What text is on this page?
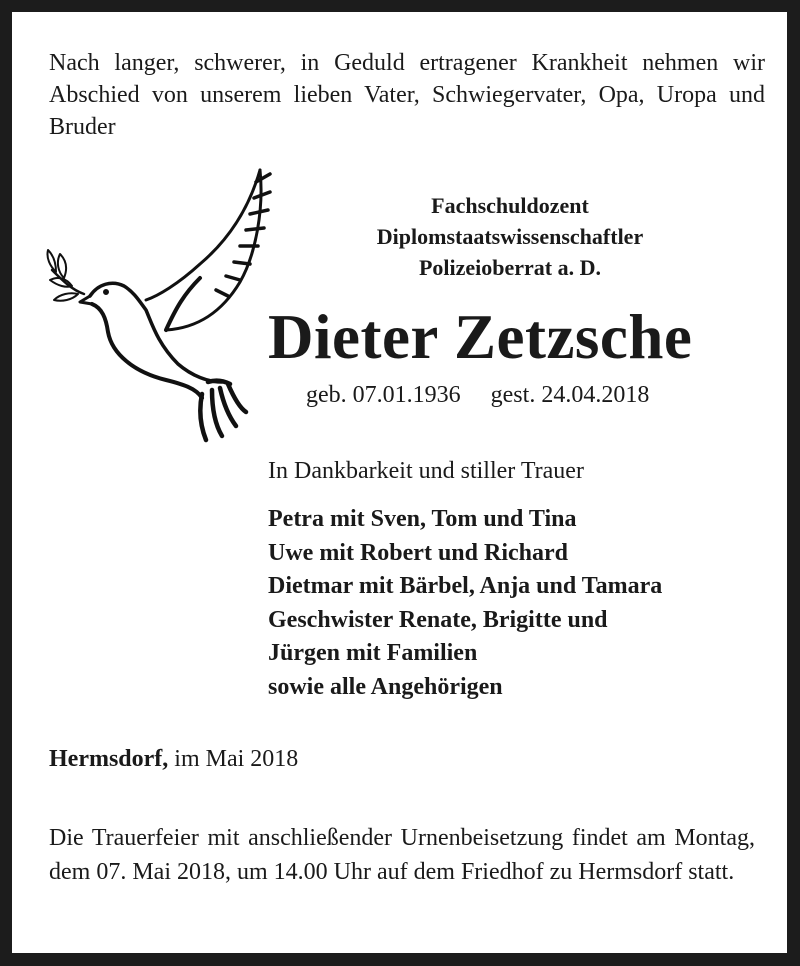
Nach langer, schwerer, in Geduld ertragener Krankheit nehmen wir Abschied von unserem lieben Vater, Schwiegervater, Opa, Uropa und Bruder
Fachschuldozent
Diplomstaatswissenschaftler
Polizeioberrat a. D.
Dieter Zetzsche
geb. 07.01.1936 gest. 24.04.2018
In Dankbarkeit und stiller Trauer
Petra mit Sven, Tom und Tina
Uwe mit Robert und Richard
Dietmar mit Bärbel, Anja und Tamara
Geschwister Renate, Brigitte und
Jürgen mit Familien
sowie alle Angehörigen
Hermsdorf, im Mai 2018
Die Trauerfeier mit anschließender Urnenbeisetzung findet am Montag, dem 07. Mai 2018, um 14.00 Uhr auf dem Friedhof zu Hermsdorf statt.
